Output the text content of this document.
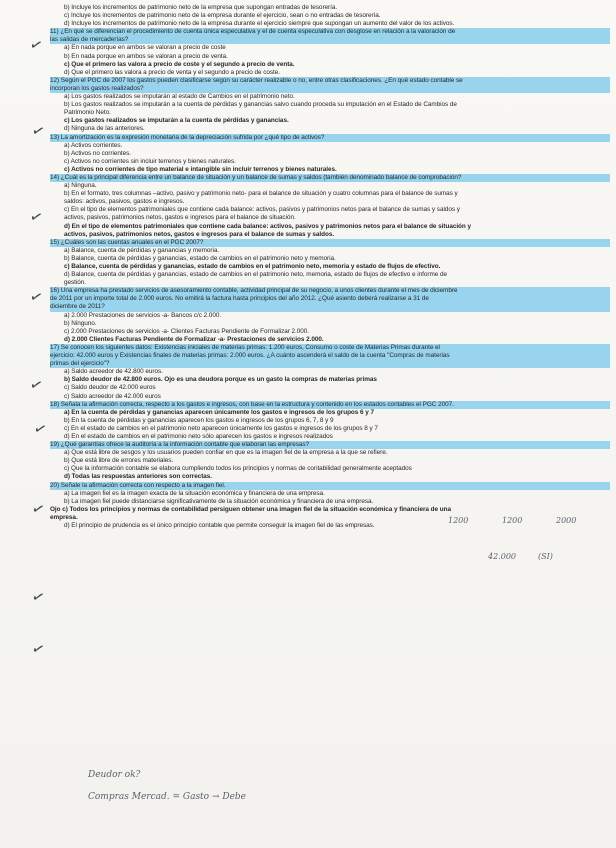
b) Incluye los incrementos de patrimonio neto de la empresa que supongan entradas de tesorería.
c) Incluye los incrementos de patrimonio neto de la empresa durante el ejercicio, sean o no entradas de tesorería.
d) Incluye los incrementos de patrimonio neto de la empresa durante el ejercicio siempre que supongan un aumento del valor de los activos.
11) ¿En qué se diferencian el procedimiento de cuenta única especulativa y el de cuenta especulativa con desglose en relación a la valoración de
las salidas de mercaderías?
a) En nada porque en ambos se valoran a precio de coste
b) En nada porque en ambos se valoran a precio de venta.
c) Que el primero las valora a precio de coste y el segundo a precio de venta.
d) Que el primero las valora a precio de venta y el segundo a precio de coste.
12) Según el PGC de 2007 los gastos pueden clasificarse según su carácter realizable o no, entre otras clasificaciones. ¿En qué estado contable se
incorporan los gastos realizados?
a) Los gastos realizados se imputarán al estado de Cambios en el patrimonio neto.
b) Los gastos realizados se imputarán a la cuenta de pérdidas y ganancias salvo cuando proceda su imputación en el Estado de Cambios de
Patrimonio Neto.
c) Los gastos realizados se imputarán a la cuenta de pérdidas y ganancias.
d) Ninguna de las anteriores.
13) La amortización es la expresión monetaria de la depreciación sufrida por ¿qué tipo de activos?
a) Activos corrientes.
b) Activos no corrientes.
c) Activos no corrientes sin incluir terrenos y bienes naturales.
c) Activos no corrientes de tipo material e intangible sin incluir terrenos y bienes naturales.
14) ¿Cuál es la principal diferencia entre un balance de situación y un balance de sumas y saldos (también denominado balance de comprobación?
a) Ninguna.
b) En el formato, tres columnas –activo, pasivo y patrimonio neto- para el balance de situación y cuatro columnas para el balance de sumas y
saldos: activos, pasivos, gastos e ingresos.
c) En el tipo de elementos patrimoniales que contiene cada balance: activos, pasivos y patrimonios netos para el balance de sumas y saldos y
activos, pasivos, patrimonios netos, gastos e ingresos para el balance de situación.
d) En el tipo de elementos patrimoniales que contiene cada balance: activos, pasivos y patrimonios netos para el balance de situación y
activos, pasivos, patrimonios netos, gastos e ingresos para el balance de sumas y saldos.
15) ¿Cuáles son las cuentas anuales en el PGC 2007?
a) Balance, cuenta de pérdidas y ganancias y memoria.
b) Balance, cuenta de pérdidas y ganancias, estado de cambios en el patrimonio neto y memoria.
c) Balance, cuenta de pérdidas y ganancias, estado de cambios en el patrimonio neto, memoria y estado de flujos de efectivo.
d) Balance, cuenta de pérdidas y ganancias, estado de cambios en el patrimonio neto, memoria, estado de flujos de efectivo e informe de
gestión.
16) Una empresa ha prestado servicios de asesoramiento contable, actividad principal de su negocio, a unos clientes durante el mes de diciembre
de 2011 por un importe total de 2.000 euros. No emitirá la factura hasta principios del año 2012. ¿Qué asiento deberá realizarse a 31 de
diciembre de 2011?
a) 2.000 Prestaciones de servicios -a- Bancos c/c 2.000.
b) Ninguno.
c) 2.000 Prestaciones de servicios -a- Clientes Facturas Pendiente de Formalizar 2.000.
d) 2.000 Clientes Facturas Pendiente de Formalizar -a- Prestaciones de servicios 2.000.
17) Se conocen los siguientes datos: Existencias iniciales de materias primas: 1.200 euros, Consumo o coste de Materias Primas durante el
ejercicio: 42.000 euros y Existencias finales de materias primas: 2.000 euros. ¿A cuánto ascenderá el saldo de la cuenta "Compras de materias
primas del ejercicio"?
a) Saldo acreedor de 42.800 euros.
b) Saldo deudor de 42.800 euros. Ojo es una deudora porque es un gasto la compras de materias primas
c) Saldo deudor de 42.000 euros
c) Saldo acreedor de 42.000 euros
18) Señala la afirmación correcta, respecto a los gastos e ingresos, con base en la estructura y contenido en los estados contables el PGC 2007.
a) En la cuenta de pérdidas y ganancias aparecen únicamente los gastos e ingresos de los grupos 6 y 7
b) En la cuenta de pérdidas y ganancias aparecen los gastos e ingresos de los grupos 6, 7, 8 y 9
c) En el estado de cambios en el patrimonio neto aparecen únicamente los gastos e ingresos de los grupos 8 y 7
d) En el estado de cambios en el patrimonio neto sólo aparecen los gastos e ingresos realizados
19) ¿Qué garantías ofrece la auditoría a la información contable que elaboran las empresas?
a) Que está libre de sesgos y los usuarios pueden confiar en que es la imagen fiel de la empresa a la que se refiere.
b) Que está libre de errores materiales.
c) Que la información contable se elabora cumpliendo todos los principios y normas de contabilidad generalmente aceptados
d) Todas las respuestas anteriores son correctas.
20) Señale la afirmación correcta con respecto a la imagen fiel.
a) La imagen fiel es la imagen exacta de la situación económica y financiera de una empresa.
b) La imagen fiel puede distanciarse significativamente de la situación económica y financiera de una empresa.
Ojo c) Todos los principios y normas de contabilidad persiguen obtener una imagen fiel de la situación económica y financiera de una
empresa.
d) El principio de prudencia es el único principio contable que permite conseguir la imagen fiel de las empresas.
✓
✓
✓
✓
✓
✓
✓
✓
✓
1200	1200	2000
42.000	(SI)
Deudor ok?
Compras Mercad. = Gasto → Debe
